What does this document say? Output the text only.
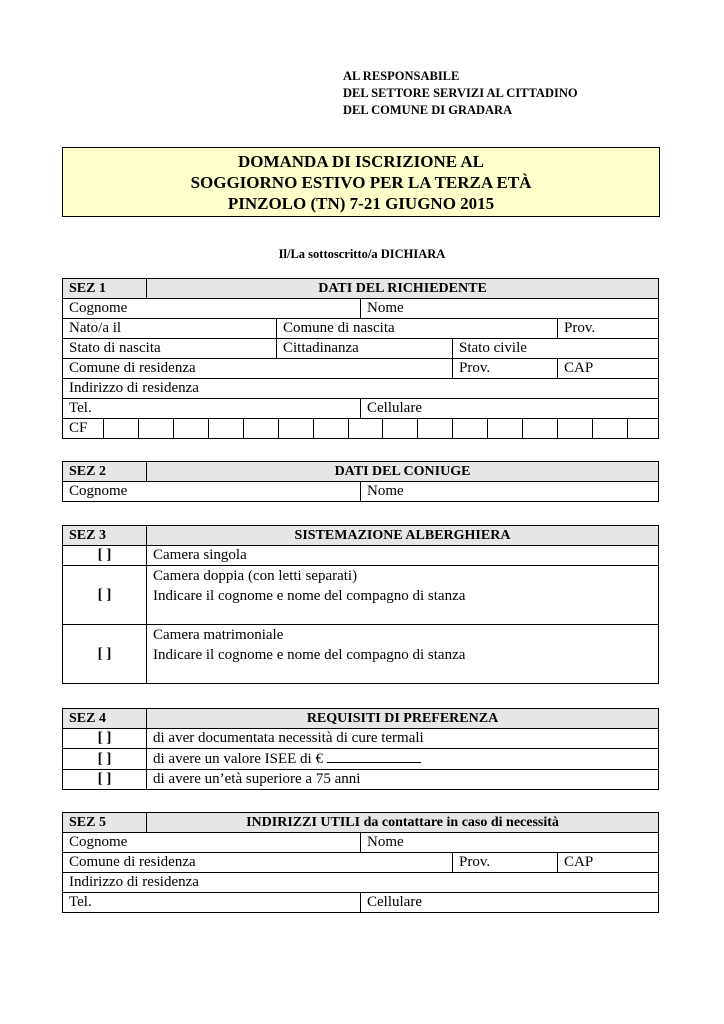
AL RESPONSABILE
DEL SETTORE SERVIZI AL CITTADINO
DEL COMUNE DI GRADARA
DOMANDA DI ISCRIZIONE AL
SOGGIORNO ESTIVO PER LA TERZA ETÀ
PINZOLO (TN) 7-21 GIUGNO 2015
Il/La sottoscritto/a DICHIARA
SEZ 1	DATI DEL RICHIEDENTE				
Cognome			Nome		
Nato/a il		Comune di nascita			Prov.
Stato di nascita		Cittadinanza		Stato civile	
Comune di residenza				Prov.	CAP
Indirizzo di residenza					
Tel.			Cellulare		

CF					
SEZ 2	DATI DEL CONIUGE	
Cognome		Nome
SEZ 3	SISTEMAZIONE ALBERGHIERA
[ ]	Camera singola
[ ]	Camera doppia (con letti separati)
Indicare il cognome e nome del compagno di stanza

[ ]	Camera matrimoniale
Indicare il cognome e nome del compagno di stanza
SEZ 4	REQUISITI DI PREFERENZA
[ ]	di aver documentata necessità di cure termali
[ ]	di avere un valore ISEE di €
[ ]	di avere un’età superiore a 75 anni
SEZ 5	INDIRIZZI UTILI da contattare in caso di necessità			
Cognome		Nome		
Comune di residenza			Prov.	CAP
Indirizzo di residenza				
Tel.		Cellulare		
